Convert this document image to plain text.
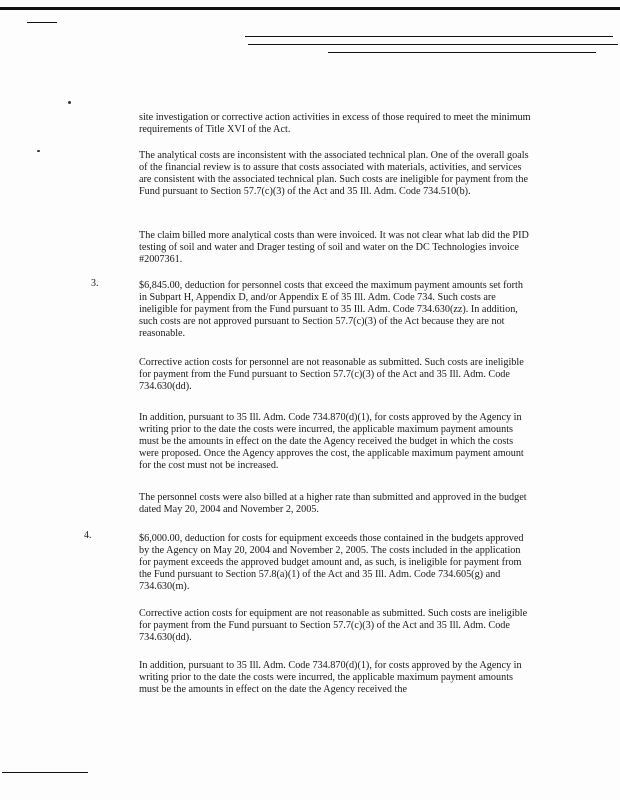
site investigation or corrective action activities in excess of those required to meet the minimum requirements of Title XVI of the Act.

The analytical costs are inconsistent with the associated technical plan. One of the overall goals of the financial review is to assure that costs associated with materials, activities, and services are consistent with the associated technical plan. Such costs are ineligible for payment from the Fund pursuant to Section 57.7(c)(3) of the Act and 35 Ill. Adm. Code 734.510(b).

The claim billed more analytical costs than were invoiced. It was not clear what lab did the PID testing of soil and water and Drager testing of soil and water on the DC Technologies invoice #2007361.

3.	$6,845.00, deduction for personnel costs that exceed the maximum payment amounts set forth in Subpart H, Appendix D, and/or Appendix E of 35 Ill. Adm. Code 734. Such costs are ineligible for payment from the Fund pursuant to 35 Ill. Adm. Code 734.630(zz). In addition, such costs are not approved pursuant to Section 57.7(c)(3) of the Act because they are not reasonable.

Corrective action costs for personnel are not reasonable as submitted. Such costs are ineligible for payment from the Fund pursuant to Section 57.7(c)(3) of the Act and 35 Ill. Adm. Code 734.630(dd).

In addition, pursuant to 35 Ill. Adm. Code 734.870(d)(1), for costs approved by the Agency in writing prior to the date the costs were incurred, the applicable maximum payment amounts must be the amounts in effect on the date the Agency received the budget in which the costs were proposed. Once the Agency approves the cost, the applicable maximum payment amount for the cost must not be increased.

The personnel costs were also billed at a higher rate than submitted and approved in the budget dated May 20, 2004 and November 2, 2005.

4.	$6,000.00, deduction for costs for equipment exceeds those contained in the budgets approved by the Agency on May 20, 2004 and November 2, 2005. The costs included in the application for payment exceeds the approved budget amount and, as such, is ineligible for payment from the Fund pursuant to Section 57.8(a)(1) of the Act and 35 Ill. Adm. Code 734.605(g) and 734.630(m).

Corrective action costs for equipment are not reasonable as submitted. Such costs are ineligible for payment from the Fund pursuant to Section 57.7(c)(3) of the Act and 35 Ill. Adm. Code 734.630(dd).

In addition, pursuant to 35 Ill. Adm. Code 734.870(d)(1), for costs approved by the Agency in writing prior to the date the costs were incurred, the applicable maximum payment amounts must be the amounts in effect on the date the Agency received the
